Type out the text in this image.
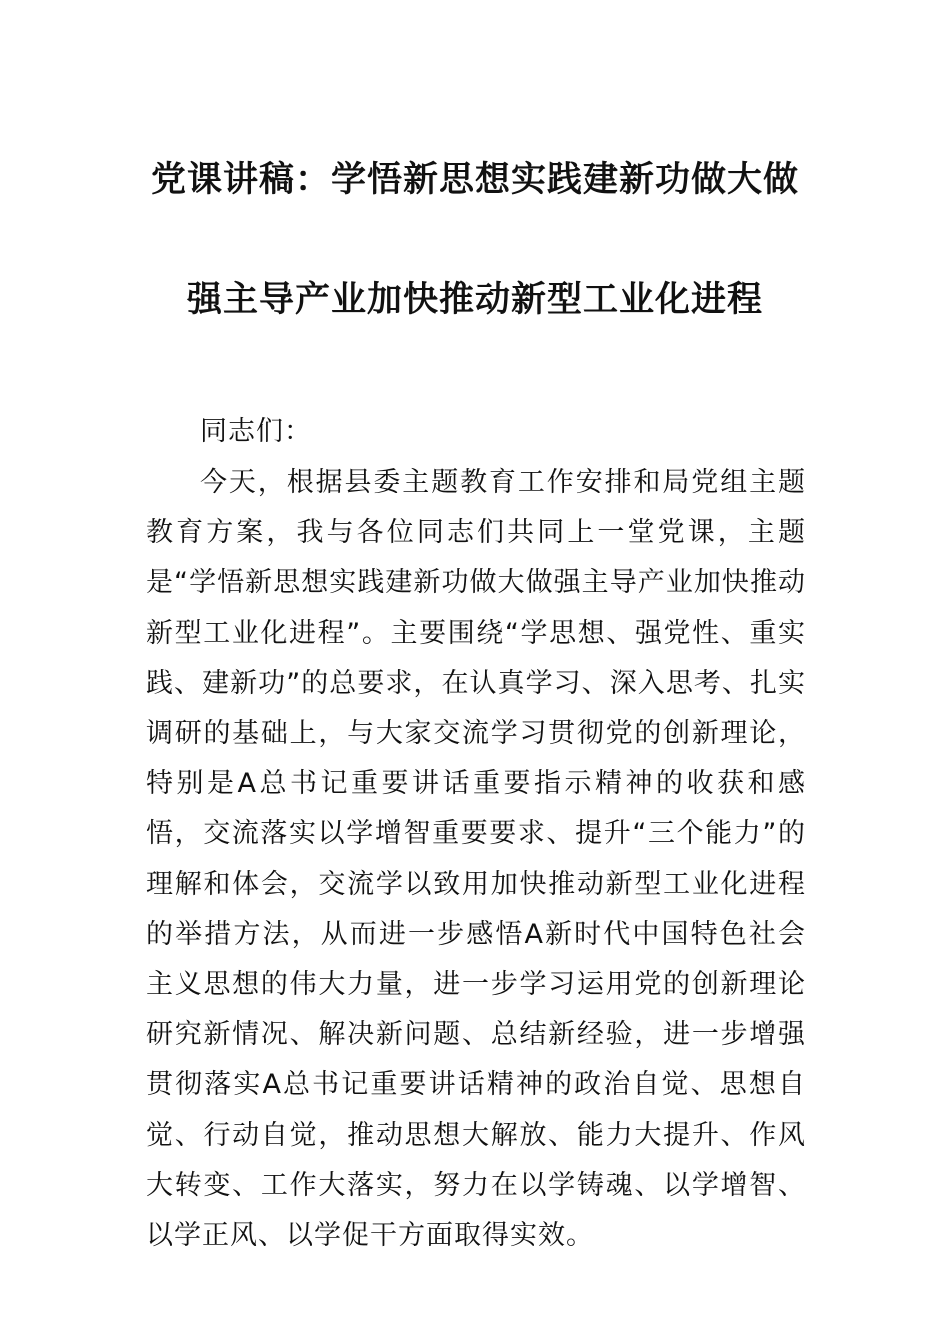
党课讲稿：学悟新思想实践建新功做大做
强主导产业加快推动新型工业化进程
同志们：
今天，根据县委主题教育工作安排和局党组主题教育方案，我与各位同志们共同上一堂党课，主题是“学悟新思想实践建新功做大做强主导产业加快推动新型工业化进程”。主要围绕“学思想、强党性、重实践、建新功”的总要求，在认真学习、深入思考、扎实调研的基础上，与大家交流学习贯彻党的创新理论，特别是A总书记重要讲话重要指示精神的收获和感悟，交流落实以学增智重要要求、提升“三个能力”的理解和体会，交流学以致用加快推动新型工业化进程的举措方法，从而进一步感悟A新时代中国特色社会主义思想的伟大力量，进一步学习运用党的创新理论研究新情况、解决新问题、总结新经验，进一步增强贯彻落实A总书记重要讲话精神的政治自觉、思想自觉、行动自觉，推动思想大解放、能力大提升、作风大转变、工作大落实，努力在以学铸魂、以学增智、以学正风、以学促干方面取得实效。
